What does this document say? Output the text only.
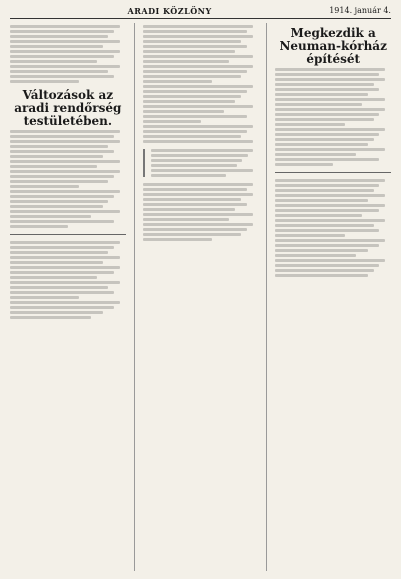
ARADI KÖZLÖNY	1914. január 4.
Változások az aradi rendőrség testületében.
Megkezdik a Neuman-kórház építését
